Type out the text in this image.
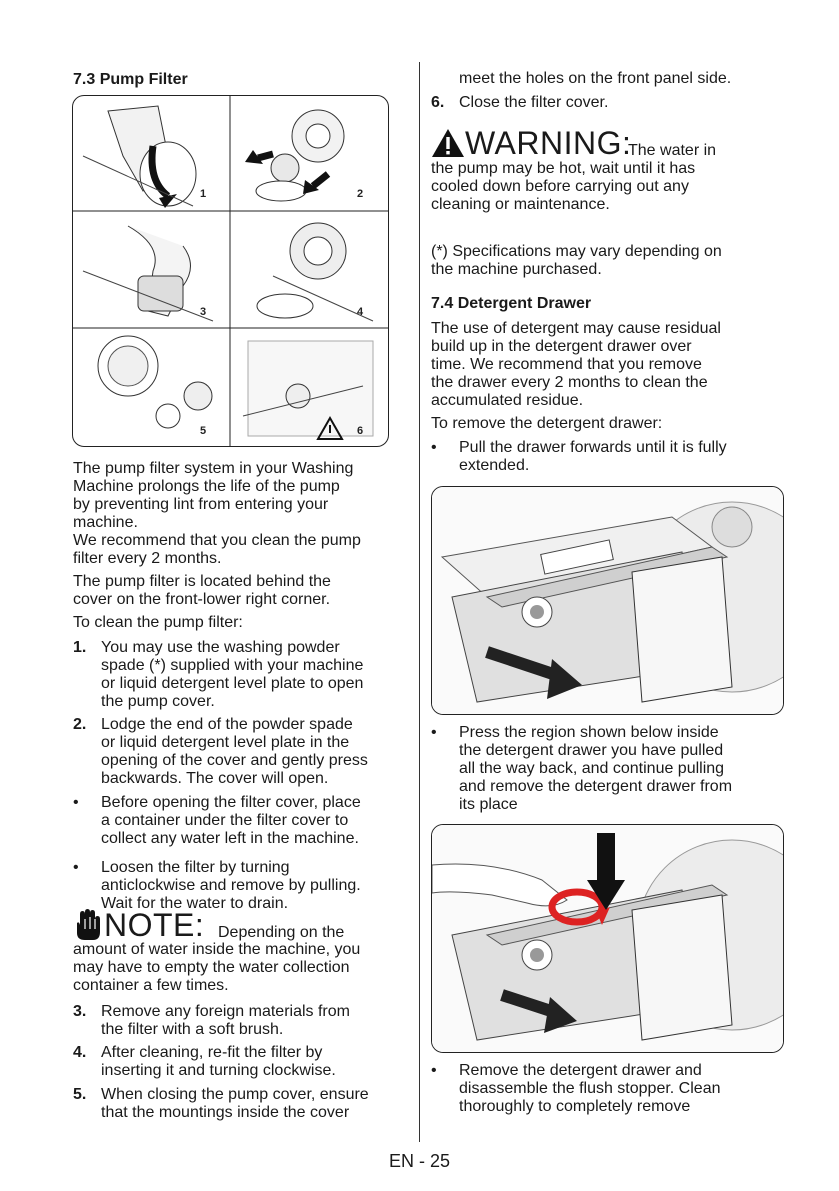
7.3 Pump Filter
1	2
3	4
5	6
The pump filter system in your Washing
Machine prolongs the life of the pump
by preventing lint from entering your
machine.
We recommend that you clean the pump
filter every 2 months.
The pump filter is located behind the
cover on the front-lower right corner.
To clean the pump filter:
1. You may use the washing powder
spade (*) supplied with your machine
or liquid detergent level plate to open
the pump cover.
2. Lodge the end of the powder spade
or liquid detergent level plate in the
opening of the cover and gently press
backwards. The cover will open.
• Before opening the filter cover, place
a container under the filter cover to
collect any water left in the machine.
• Loosen the filter by turning
anticlockwise and remove by pulling.
Wait for the water to drain.
NOTE: Depending on the
amount of water inside the machine, you
may have to empty the water collection
container a few times.
3. Remove any foreign materials from
the filter with a soft brush.
4. After cleaning, re-fit the filter by
inserting it and turning clockwise.
5. When closing the pump cover, ensure
that the mountings inside the cover
meet the holes on the front panel side.
6. Close the filter cover.
WARNING:
The water in
the pump may be hot, wait until it has
cooled down before carrying out any
cleaning or maintenance.
(*) Specifications may vary depending on
the machine purchased.
7.4 Detergent Drawer
The use of detergent may cause residual
build up in the detergent drawer over
time. We recommend that you remove
the drawer every 2 months to clean the
accumulated residue.
To remove the detergent drawer:
• Pull the drawer forwards until it is fully
extended.
• Press the region shown below inside
the detergent drawer you have pulled
all the way back, and continue pulling
and remove the detergent drawer from
its place
• Remove the detergent drawer and
disassemble the flush stopper. Clean
thoroughly to completely remove
EN - 25
